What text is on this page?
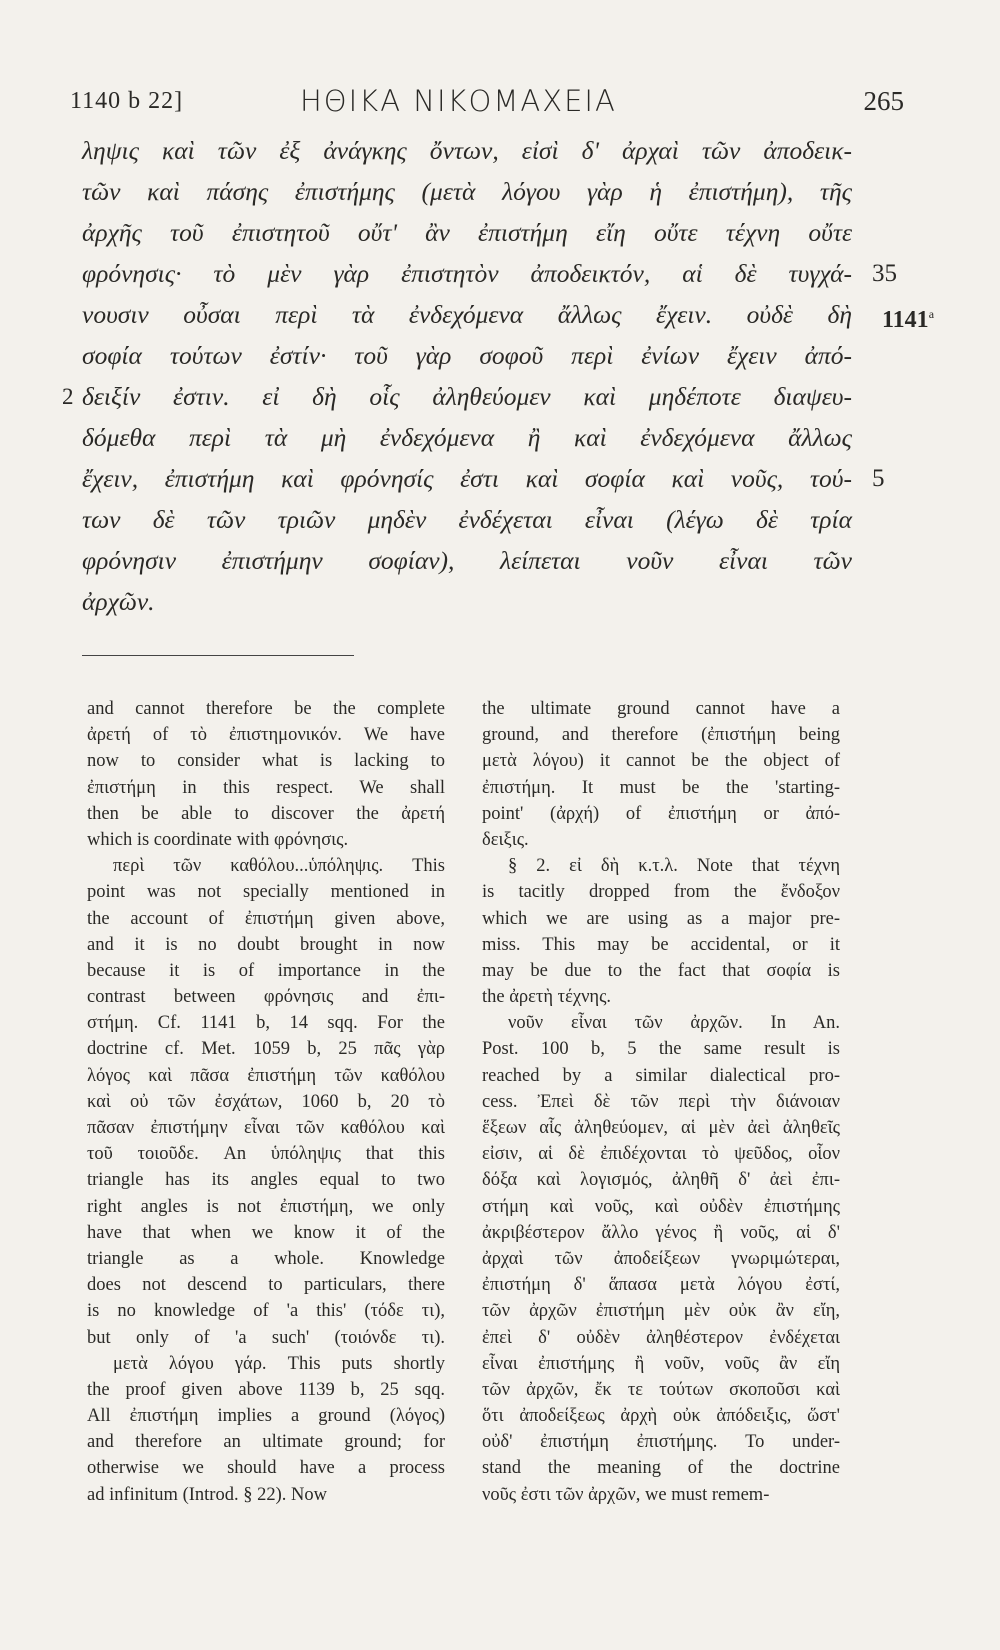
1140 b 22]	ΗΘΙΚΑ ΝΙΚΟΜΑΧΕΙΑ	265
ληψις καὶ τῶν ἐξ ἀνάγκης ὄντων, εἰσὶ δ' ἀρχαὶ τῶν ἀποδεικ-
τῶν καὶ πάσης ἐπιστήμης (μετὰ λόγου γὰρ ἡ ἐπιστήμη), τῆς
ἀρχῆς τοῦ ἐπιστητοῦ οὔτ' ἂν ἐπιστήμη εἴη οὔτε τέχνη οὔτε
φρόνησις· τὸ μὲν γὰρ ἐπιστητὸν ἀποδεικτόν, αἱ δὲ τυγχά- 35
νουσιν οὖσαι περὶ τὰ ἐνδεχόμενα ἄλλως ἔχειν. οὐδὲ δὴ 1141$^a$
σοφία τούτων ἐστίν· τοῦ γὰρ σοφοῦ περὶ ἐνίων ἔχειν ἀπό-
2 δειξίν ἐστιν. εἰ δὴ οἷς ἀληθεύομεν καὶ μηδέποτε διαψευ-
δόμεθα περὶ τὰ μὴ ἐνδεχόμενα ἢ καὶ ἐνδεχόμενα ἄλλως
ἔχειν, ἐπιστήμη καὶ φρόνησίς ἐστι καὶ σοφία καὶ νοῦς, τού- 5
των δὲ τῶν τριῶν μηδὲν ἐνδέχεται εἶναι (λέγω δὲ τρία
φρόνησιν ἐπιστήμην σοφίαν), λείπεται νοῦν εἶναι τῶν
ἀρχῶν.
and cannot therefore be the complete
ἀρετή of τὸ ἐπιστημονικόν. We have
now to consider what is lacking to
ἐπιστήμη in this respect. We shall
then be able to discover the ἀρετή
which is coordinate with φρόνησις.
περὶ τῶν καθόλου...ὑπόληψις. This
point was not specially mentioned in
the account of ἐπιστήμη given above,
and it is no doubt brought in now
because it is of importance in the
contrast between φρόνησις and ἐπι-
στήμη. Cf. 1141 b, 14 sqq. For the
doctrine cf. Met. 1059 b, 25 πᾶς γὰρ
λόγος καὶ πᾶσα ἐπιστήμη τῶν καθόλου
καὶ οὐ τῶν ἐσχάτων, 1060 b, 20 τὸ
πᾶσαν ἐπιστήμην εἶναι τῶν καθόλου καὶ
τοῦ τοιοῦδε. An ὑπόληψις that this
triangle has its angles equal to two
right angles is not ἐπιστήμη, we only
have that when we know it of the
triangle as a whole. Knowledge
does not descend to particulars, there
is no knowledge of 'a this' (τόδε τι),
but only of 'a such' (τοιόνδε τι).
μετὰ λόγου γάρ. This puts shortly
the proof given above 1139 b, 25 sqq.
All ἐπιστήμη implies a ground (λόγος)
and therefore an ultimate ground; for
otherwise we should have a process
ad infinitum (Introd. § 22). Now
the ultimate ground cannot have a
ground, and therefore (ἐπιστήμη being
μετὰ λόγου) it cannot be the object of
ἐπιστήμη. It must be the 'starting-
point' (ἀρχή) of ἐπιστήμη or ἀπό-
δειξις.
§ 2. εἰ δὴ κ.τ.λ. Note that τέχνη
is tacitly dropped from the ἔνδοξον
which we are using as a major pre-
miss. This may be accidental, or it
may be due to the fact that σοφία is
the ἀρετὴ τέχνης.
νοῦν εἶναι τῶν ἀρχῶν. In An.
Post. 100 b, 5 the same result is
reached by a similar dialectical pro-
cess. Ἐπεὶ δὲ τῶν περὶ τὴν διάνοιαν
ἕξεων αἷς ἀληθεύομεν, αἱ μὲν ἀεὶ ἀληθεῖς
εἰσιν, αἱ δὲ ἐπιδέχονται τὸ ψεῦδος, οἷον
δόξα καὶ λογισμός, ἀληθῆ δ' ἀεὶ ἐπι-
στήμη καὶ νοῦς, καὶ οὐδὲν ἐπιστήμης
ἀκριβέστερον ἄλλο γένος ἢ νοῦς, αἱ δ'
ἀρχαὶ τῶν ἀποδείξεων γνωριμώτεραι,
ἐπιστήμη δ' ἅπασα μετὰ λόγου ἐστί,
τῶν ἀρχῶν ἐπιστήμη μὲν οὐκ ἂν εἴη,
ἐπεὶ δ' οὐδὲν ἀληθέστερον ἐνδέχεται
εἶναι ἐπιστήμης ἢ νοῦν, νοῦς ἂν εἴη
τῶν ἀρχῶν, ἔκ τε τούτων σκοποῦσι καὶ
ὅτι ἀποδείξεως ἀρχὴ οὐκ ἀπόδειξις, ὥστ'
οὐδ' ἐπιστήμη ἐπιστήμης. To under-
stand the meaning of the doctrine
νοῦς ἐστι τῶν ἀρχῶν, we must remem-
